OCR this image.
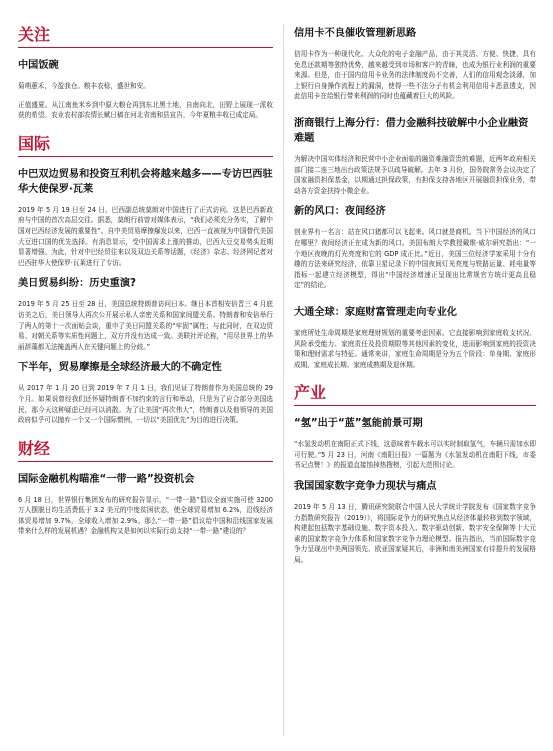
关注
中国饭碗
菊萌蕙禾，今盈我仓。粮丰农稔，盛世和安。
正值盛夏。从江南鱼米乡到中原大粮仓再到东北黑土地，自南向北，田野上展现一派收获的希望。农业农村部农情长赋日稿在河北省南和县宣告，今年夏粮丰收已成定局。
国际
中巴双边贸易和投资互利机会将越来越多——专访巴西驻华大使保罗·瓦莱
2019 年 5 月 19 日至 24 日，巴西副总统莫朗对中国进行了正式访问。这是巴西新政府与中国的首次高层交往。据悉，莫朗行前曾对媒体表示，“我们必须充分务实，了解中国对巴西经济发展的重要性”。自中美贸易摩擦爆发以来，巴西一直被视为中国替代美国大豆进口国的优先选择。有消息显示，受中国需求上涨的推动，巴西大豆交易势头近期显著增强。为此，针对中巴经贸往来以及双边关系等话题，《经济》杂志、经济网记者对巴西驻华大使保罗·瓦莱进行了专访。
美日贸易纠纷：历史重演?
2019 年 5 月 25 日至 28 日，美国总统特朗普访问日本。继日本首相安倍晋三 4 月底访美之后，美日领导人再次公开展示私人亲密关系和国家间盟关系。特朗普和安倍举行了两人的第十一次面贴会谈，重申了美日同盟关系的“牢固”属性；与此同时，在双边贸易、对朝关系等实质性问题上，双方并没有达成一致。美联社评论称，“用尽世界上的华丽辞藻都无法掩盖两人在关键问题上的分歧。”
下半年，贸易摩擦是全球经济最大的不确定性
从 2017 年 1 月 20 日到 2019 年 7 月 1 日，我们见证了特朗普作为美国总统的 29 个月。如果说曾经我们还怀疑特朗普不加约束的言行和举动，只是为了应合部分美国选民，那今天这种疑虑已经可以消散。为了让美国“再次伟大”，特朗普以及他领导的美国政府似乎可以抛弃一个又一个国际惯例，一切以“美国优先”为目的进行决策。
财经
国际金融机构瞄准“一带一路”投资机会
6 月 18 日，世界银行集团发布的研究报告显示，“一带一路”倡议全面实施可使 3200 万人摆脱日均生活费低于 3.2 美元的中度贫困状态，使全球贸易增加 6.2%，沿线经济体贸易增加 9.7%，全球收入增加 2.9%。那么“一带一路”倡议给中国和沿线国家发展带来什么样的发展机遇？金融机构又是如何以实际行动支持“一带一路”建设的？
信用卡不良催收管理新思路
信用卡作为一种现代化、大众化的电子金融产品，由于其灵活、方便、快捷，具有免息还款期等独特优势，越来越受到市场和客户的青睐，也成为银行业利润的重要来源。但是，由于国内信用卡业务的法律制度尚不完善，人们的信用观念淡薄，加上银行自身操作流程上的漏洞，使得一些不法分子有机会利用信用卡恶意透支，因此信用卡在给银行带来利润的同时也蕴藏着巨大的风险。
浙商银行上海分行：借力金融科技破解中小企业融资难题
为解决中国实体经济和民营中小企业面临的融资难融资贵的难题，近两年政府相关部门接二连三地出台政策法规予以疏导破解。去年 3 月份，国务院常务会议决定了国家融资担保基金，以期通过担保政策，有担保支持各地区开展融资担保业务，带动各方资金扶持小微企业。
新的风口：夜间经济
创业界有一名言：站在风口猪都可以飞起来。风口就是商机。当下中国经济的风口在哪里？夜间经济正在成为新的风口。美国布朗大学教授戴维·威尔研究指出：“一个地区夜晚的灯光亮度和它的 GDP 成正比。”近日，美国三位经济学家采用十分有趣的方法来研究经济，依靠卫星记录下的中国夜间灯光亮度与铁路运量、耗电量等指标一起建立经济模型，得出“中国经济增速正呈现出比常规官方统计更高且稳定”的结论。
大通全球：家庭财富管理走向专业化
家庭所处生命周期是家庭理财规划的重要考虑因素。它直接影响到家庭收支状况、风险承受能力、家庭责任及投资期限等其他因素的变化，进而影响到家庭的投资决策和理财需求与特征。通常来讲，家庭生命周期是分为五个阶段：单身期、家庭形成期、家庭成长期、家庭成熟期及退休期。
产业
“氢”出于“蓝”氢能前景可期
“水氢发动机在南阳正式下线，这意味着车载水可以实时制取氢气，车辆只需加水即可行驶。”5 月 23 日，河南《南阳日报》一篇题为《水氢发动机在南阳下线，市委书记点赞！》的报道直接蚀掉热搜榜，引起大范围讨论。
我国国家数字竞争力现状与痛点
2019 年 5 月 13 日，腾讯研究院联合中国人民大学统计学院发布《国家数字竞争力指数研究报告（2019）》，将国际竞争力的研究焦点从经济体量转移到数字领域，构建起包括数字基础设施、数字资本投入、数字驱动创新、数字安全保障等十大元素的国家数字竞争力体系和国家数字竞争力理论模型。报告指出，当前国际数字竞争力呈现出中美两国领先、欧亚国家疑其后，非洲和南美洲国家有待提升的发展格局。
